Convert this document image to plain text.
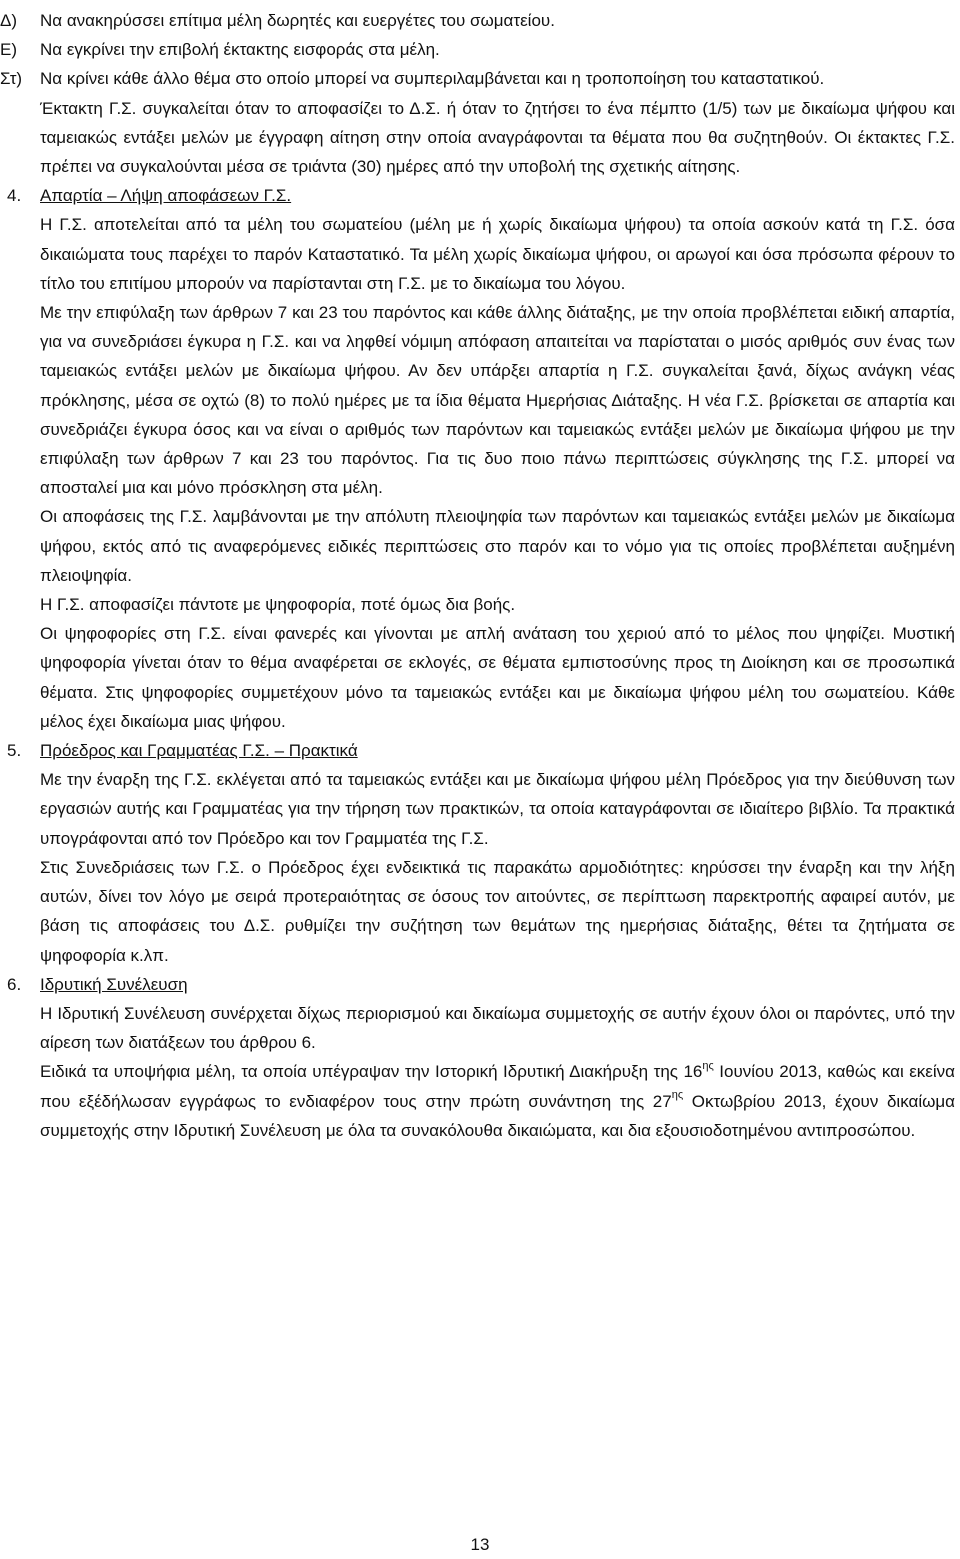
Δ) Να ανακηρύσσει επίτιμα μέλη δωρητές και ευεργέτες του σωματείου.

Ε) Να εγκρίνει την επιβολή έκτακτης εισφοράς στα μέλη.

Στ) Να κρίνει κάθε άλλο θέμα στο οποίο μπορεί να συμπεριλαμβάνεται και η τροποποίηση του καταστατικού.

Έκτακτη Γ.Σ. συγκαλείται όταν το αποφασίζει το Δ.Σ. ή όταν το ζητήσει το ένα πέμπτο (1/5) των με δικαίωμα ψήφου και ταμειακώς εντάξει μελών με έγγραφη αίτηση στην οποία αναγράφονται τα θέματα που θα συζητηθούν. Οι έκτακτες Γ.Σ. πρέπει να συγκαλούνται μέσα σε τριάντα (30) ημέρες από την υποβολή της σχετικής αίτησης.

4. Απαρτία – Λήψη αποφάσεων Γ.Σ.

Η Γ.Σ. αποτελείται από τα μέλη του σωματείου (μέλη με ή χωρίς δικαίωμα ψήφου) τα οποία ασκούν κατά τη Γ.Σ. όσα δικαιώματα τους παρέχει το παρόν Καταστατικό. Τα μέλη χωρίς δικαίωμα ψήφου, οι αρωγοί και όσα πρόσωπα φέρουν το τίτλο του επιτίμου μπορούν να παρίστανται στη Γ.Σ. με το δικαίωμα του λόγου.

Με την επιφύλαξη των άρθρων 7 και 23 του παρόντος και κάθε άλλης διάταξης, με την οποία προβλέπεται ειδική απαρτία, για να συνεδριάσει έγκυρα η Γ.Σ. και να ληφθεί νόμιμη απόφαση απαιτείται να παρίσταται ο μισός αριθμός συν ένας των ταμειακώς εντάξει μελών με δικαίωμα ψήφου. Αν δεν υπάρξει απαρτία η Γ.Σ. συγκαλείται ξανά, δίχως ανάγκη νέας πρόκλησης, μέσα σε οχτώ (8) το πολύ ημέρες με τα ίδια θέματα Ημερήσιας Διάταξης. Η νέα Γ.Σ. βρίσκεται σε απαρτία και συνεδριάζει έγκυρα όσος και να είναι ο αριθμός των παρόντων και ταμειακώς εντάξει μελών με δικαίωμα ψήφου με την επιφύλαξη των άρθρων 7 και 23 του παρόντος. Για τις δυο ποιο πάνω περιπτώσεις σύγκλησης της Γ.Σ. μπορεί να αποσταλεί μια και μόνο πρόσκληση στα μέλη.

Οι αποφάσεις της Γ.Σ. λαμβάνονται με την απόλυτη πλειοψηφία των παρόντων και ταμειακώς εντάξει μελών με δικαίωμα ψήφου, εκτός από τις αναφερόμενες ειδικές περιπτώσεις στο παρόν και το νόμο για τις οποίες προβλέπεται αυξημένη πλειοψηφία.

Η Γ.Σ. αποφασίζει πάντοτε με ψηφοφορία, ποτέ όμως δια βοής.

Οι ψηφοφορίες στη Γ.Σ. είναι φανερές και γίνονται με απλή ανάταση του χεριού από το μέλος που ψηφίζει. Μυστική ψηφοφορία γίνεται όταν το θέμα αναφέρεται σε εκλογές, σε θέματα εμπιστοσύνης προς τη Διοίκηση και σε προσωπικά θέματα. Στις ψηφοφορίες συμμετέχουν μόνο τα ταμειακώς εντάξει και με δικαίωμα ψήφου μέλη του σωματείου. Κάθε μέλος έχει δικαίωμα μιας ψήφου.

5. Πρόεδρος και Γραμματέας Γ.Σ. – Πρακτικά

Με την έναρξη της Γ.Σ. εκλέγεται από τα ταμειακώς εντάξει και με δικαίωμα ψήφου μέλη Πρόεδρος για την διεύθυνση των εργασιών αυτής και Γραμματέας για την τήρηση των πρακτικών, τα οποία καταγράφονται σε ιδιαίτερο βιβλίο. Τα πρακτικά υπογράφονται από τον Πρόεδρο και τον Γραμματέα της Γ.Σ.

Στις Συνεδριάσεις των Γ.Σ. ο Πρόεδρος έχει ενδεικτικά τις παρακάτω αρμοδιότητες: κηρύσσει την έναρξη και την λήξη αυτών, δίνει τον λόγο με σειρά προτεραιότητας σε όσους τον αιτούντες, σε περίπτωση παρεκτροπής αφαιρεί αυτόν, με βάση τις αποφάσεις του Δ.Σ. ρυθμίζει την συζήτηση των θεμάτων της ημερήσιας διάταξης, θέτει τα ζητήματα σε ψηφοφορία κ.λπ.

6. Ιδρυτική Συνέλευση

Η Ιδρυτική Συνέλευση συνέρχεται δίχως περιορισμού και δικαίωμα συμμετοχής σε αυτήν έχουν όλοι οι παρόντες, υπό την αίρεση των διατάξεων του άρθρου 6.

Ειδικά τα υποψήφια μέλη, τα οποία υπέγραψαν την Ιστορική Ιδρυτική Διακήρυξη της $16^{\eta\varsigma}$ Ιουνίου 2013, καθώς και εκείνα που εξέδήλωσαν εγγράφως το ενδιαφέρον τους στην πρώτη συνάντηση της $27^{\eta\varsigma}$ Οκτωβρίου 2013, έχουν δικαίωμα συμμετοχής στην Ιδρυτική Συνέλευση με όλα τα συνακόλουθα δικαιώματα, και δια εξουσιοδοτημένου αντιπροσώπου.

13
